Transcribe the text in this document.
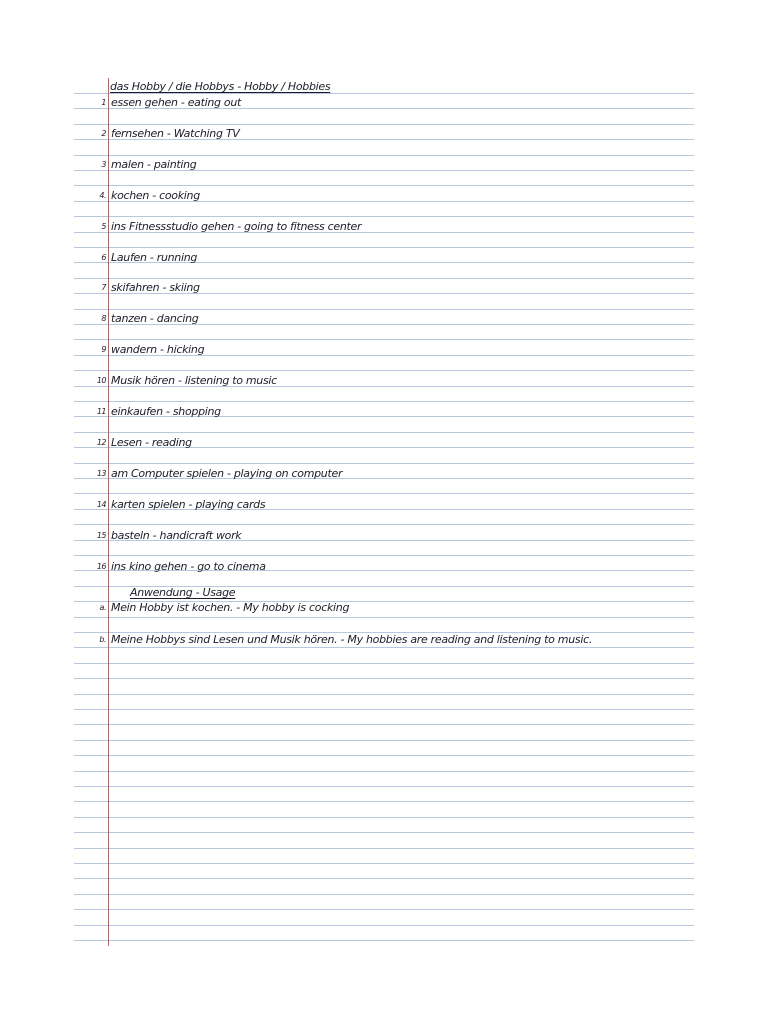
das Hobby / die Hobbys - Hobby / Hobbies
1 essen gehen - eating out
2 fernsehen - Watching TV
3 malen - painting
4. kochen - cooking
5 ins Fitnessstudio gehen - going to fitness center
6 Laufen - running
7 skifahren - skiing
8 tanzen - dancing
9 wandern - hicking
10 Musik hören - listening to music
11 einkaufen - shopping
12 Lesen - reading
13 am Computer spielen - playing on computer
14 karten spielen - playing cards
15 basteln - handicraft work
16 ins kino gehen - go to cinema
Anwendung - Usage
a. Mein Hobby ist kochen. - My hobby is cocking
b. Meine Hobbys sind Lesen und Musik hören. - My hobbies are reading and listening to music.
